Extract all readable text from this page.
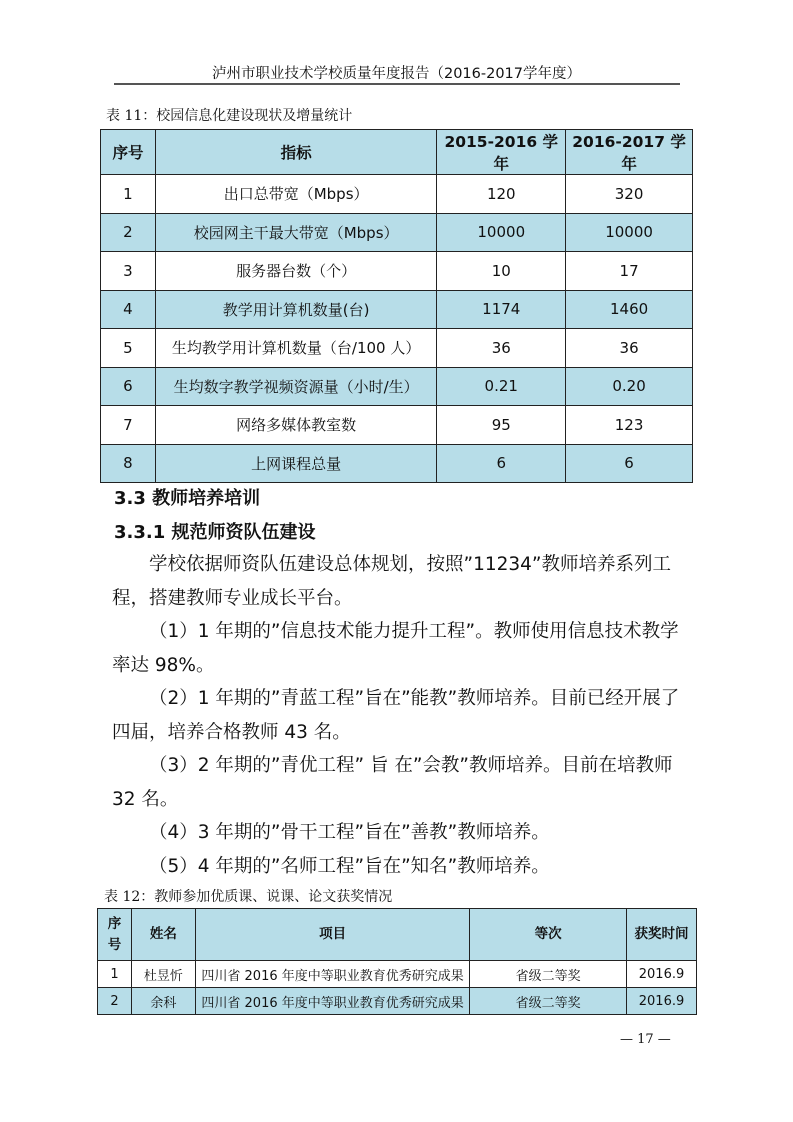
泸州市职业技术学校质量年度报告（2016-2017学年度）
表 11：校园信息化建设现状及增量统计
序号	指标	2015-2016 学年	2016-2017 学年
1	出口总带宽（Mbps）	120	320
2	校园网主干最大带宽（Mbps）	10000	10000
3	服务器台数（个）	10	17
4	教学用计算机数量(台)	1174	1460
5	生均教学用计算机数量（台/100 人）	36	36
6	生均数字教学视频资源量（小时/生）	0.21	0.20
7	网络多媒体教室数	95	123
8	上网课程总量	6	6
3.3 教师培养培训
3.3.1 规范师资队伍建设

学校依据师资队伍建设总体规划，按照”11234”教师培养系列工程，搭建教师专业成长平台。

（1）1 年期的”信息技术能力提升工程”。教师使用信息技术教学率达 98%。

（2）1 年期的”青蓝工程”旨在”能教”教师培养。目前已经开展了四届，培养合格教师 43 名。

（3）2 年期的”青优工程” 旨 在”会教”教师培养。目前在培教师 32 名。

（4）3 年期的”骨干工程”旨在”善教”教师培养。

（5）4 年期的”名师工程”旨在”知名”教师培养。

表 12：教师参加优质课、说课、论文获奖情况
序号	姓名	项目	等次	获奖时间
1	杜昱忻	四川省 2016 年度中等职业教育优秀研究成果	省级二等奖	2016.9
2	余科	四川省 2016 年度中等职业教育优秀研究成果	省级二等奖	2016.9
— 17 —
